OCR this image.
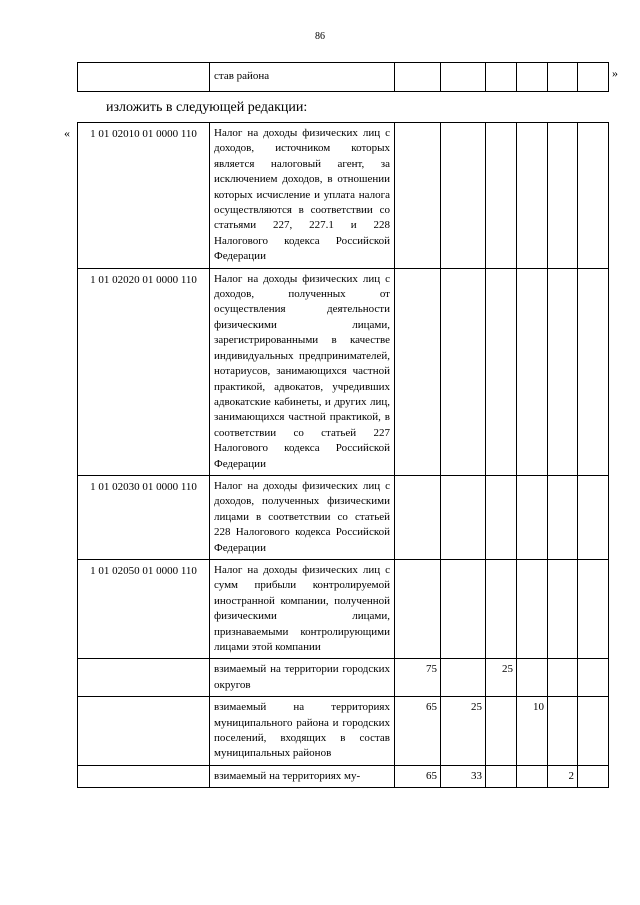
86
	став района							»
изложить в следующей редакции:
« 1 01 02010 01 0000 110	Налог на доходы физических лиц с доходов, источником которых является налоговый агент, за исключением доходов, в отношении которых исчисление и уплата налога осуществляются в соответствии со статьями 227, 227.1 и 228 Налогового кодекса Российской Федерации							
1 01 02020 01 0000 110	Налог на доходы физических лиц с доходов, полученных от осуществления деятельности физическими лицами, зарегистрированными в качестве индивидуальных предпринимателей, нотариусов, занимающихся частной практикой, адвокатов, учредивших адвокатские кабинеты, и других лиц, занимающихся частной практикой, в соответствии со статьей 227 Налогового кодекса Российской Федерации							
1 01 02030 01 0000 110	Налог на доходы физических лиц с доходов, полученных физическими лицами в соответствии со статьей 228 Налогового кодекса Российской Федерации							
1 01 02050 01 0000 110	Налог на доходы физических лиц с сумм прибыли контролируемой иностранной компании, полученной физическими лицами, признаваемыми контролирующими лицами этой компании							
	взимаемый на территории городских округов	75		25				
	взимаемый на территориях муниципального района и городских поселений, входящих в состав муниципальных районов	65	25		10			
	взимаемый на территориях му-	65	33			2		
